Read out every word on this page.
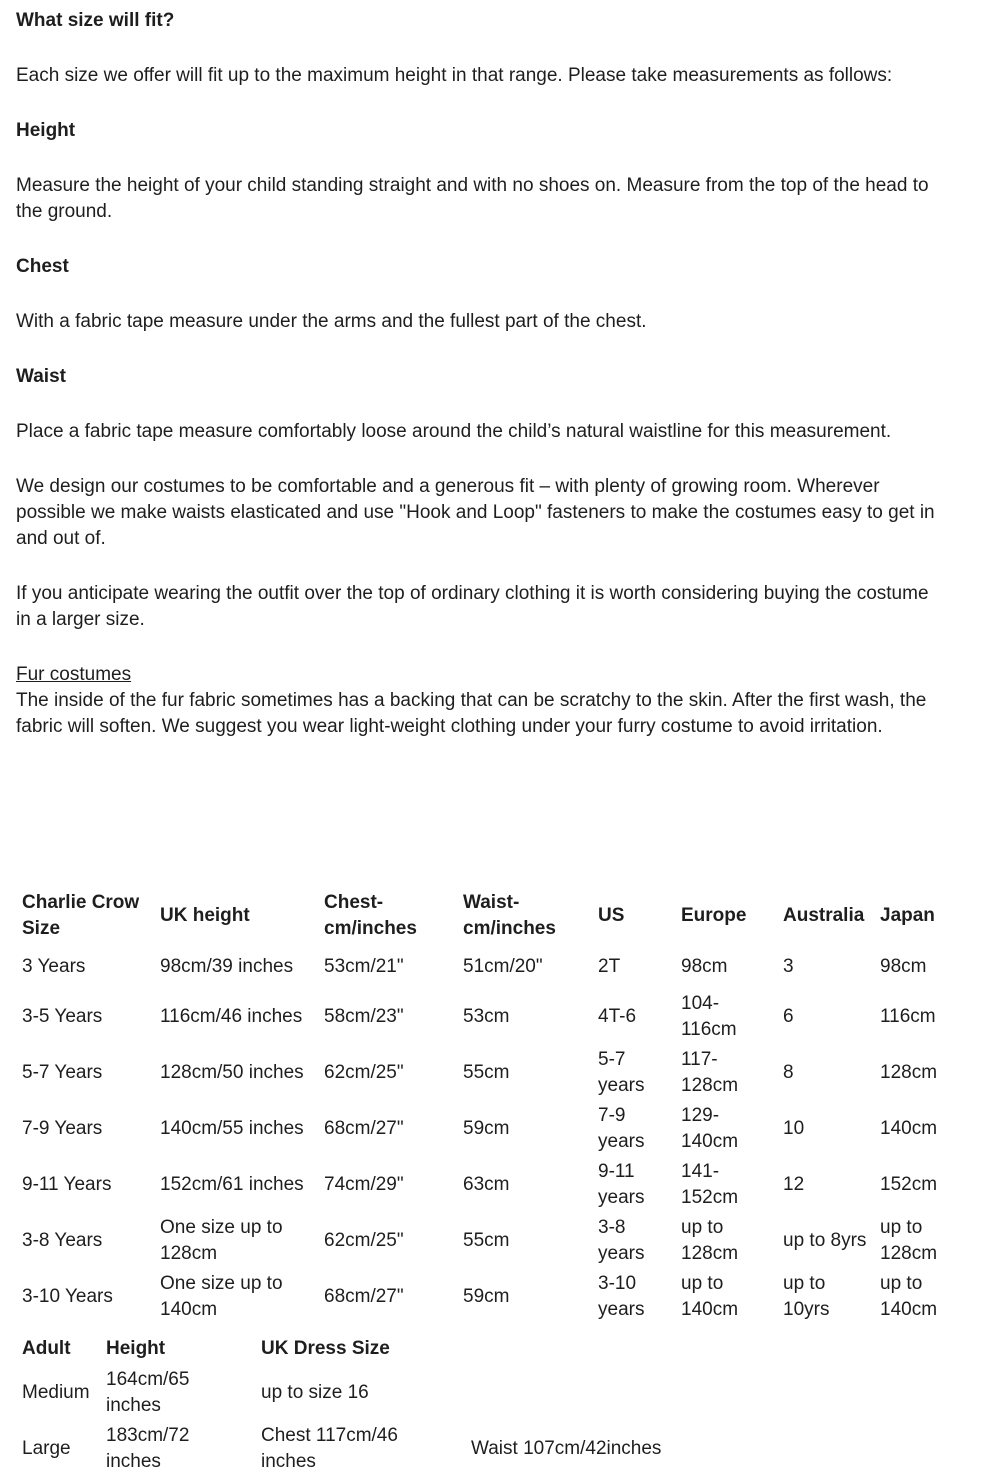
What size will fit?

Each size we offer will fit up to the maximum height in that range. Please take measurements as follows:

Height

Measure the height of your child standing straight and with no shoes on. Measure from the top of the head to the ground.

Chest

With a fabric tape measure under the arms and the fullest part of the chest.

Waist

Place a fabric tape measure comfortably loose around the child’s natural waistline for this measurement.

We design our costumes to be comfortable and a generous fit – with plenty of growing room. Wherever possible we make waists elasticated and use "Hook and Loop" fasteners to make the costumes easy to get in and out of.

If you anticipate wearing the outfit over the top of ordinary clothing it is worth considering buying the costume in a larger size.

Fur costumes

The inside of the fur fabric sometimes has a backing that can be scratchy to the skin. After the first wash, the fabric will soften. We suggest you wear light-weight clothing under your furry costume to avoid irritation.

Charlie Crow Size	UK height	Chest-cm/inches	Waist-cm/inches	US	Europe	Australia	Japan
3 Years	98cm/39 inches	53cm/21"	51cm/20"	2T	98cm	3	98cm
3-​5 Years	116cm/46 inches	58cm/23"	53cm	4T-​6	104-​116cm	6	116cm
5-​7 Years	128cm/50 inches	62cm/25"	55cm	5-​7 years	117-​128cm	8	128cm
7-​9 Years	140cm/55 inches	68cm/27"	59cm	7-​9 years	129-​140cm	10	140cm
9-​11 Years	152cm/61 inches	74cm/29"	63cm	9-​11 years	141-​152cm	12	152cm
3-​8 Years	One size up to 128cm	62cm/25"	55cm	3-​8 years	up to 128cm	up to 8yrs	up to 128cm
3-​10 Years	One size up to 140cm	68cm/27"	59cm	3-​10 years	up to 140cm	up to 10yrs	up to 140cm
Adult	Height	UK Dress Size	
Medium	164cm/65 inches	up to size 16	
Large	183cm/72 inches	Chest 117cm/46 inches	Waist 107cm/42inches
